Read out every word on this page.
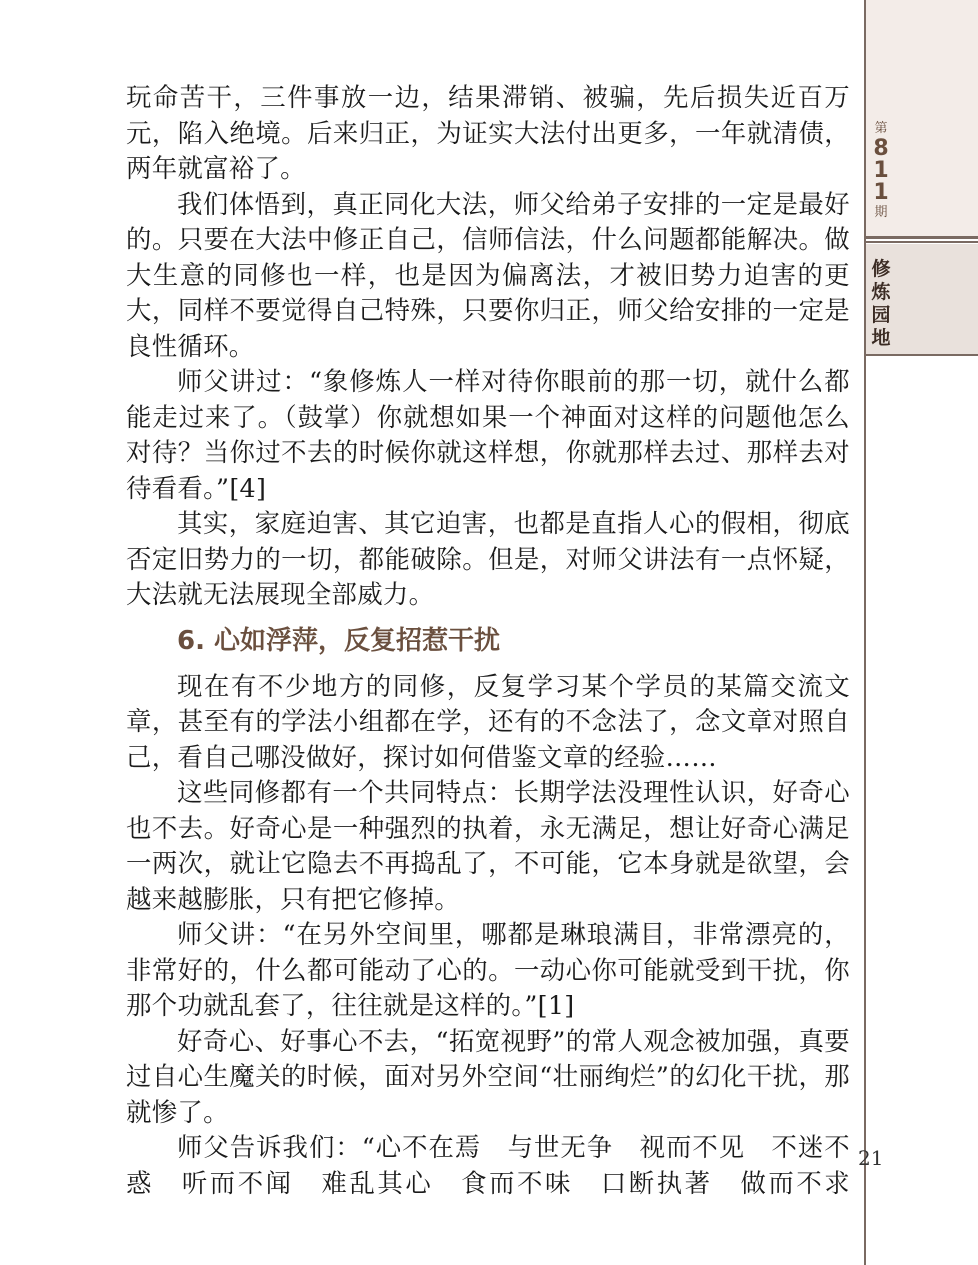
第
8
1
1
期
修
炼
园
地

玩命苦干，三件事放一边，结果滞销、被骗，先后损失近百万元，陷入绝境。后来归正，为证实大法付出更多，一年就清债，两年就富裕了。

我们体悟到，真正同化大法，师父给弟子安排的一定是最好的。只要在大法中修正自己，信师信法，什么问题都能解决。做大生意的同修也一样，也是因为偏离法，才被旧势力迫害的更大，同样不要觉得自己特殊，只要你归正，师父给安排的一定是良性循环。

师父讲过：“象修炼人一样对待你眼前的那一切，就什么都能走过来了。（鼓掌）你就想如果一个神面对这样的问题他怎么对待？当你过不去的时候你就这样想，你就那样去过、那样去对待看看。”[4]

其实，家庭迫害、其它迫害，也都是直指人心的假相，彻底否定旧势力的一切，都能破除。但是，对师父讲法有一点怀疑，大法就无法展现全部威力。

6. 心如浮萍，反复招惹干扰

现在有不少地方的同修，反复学习某个学员的某篇交流文章，甚至有的学法小组都在学，还有的不念法了，念文章对照自己，看自己哪没做好，探讨如何借鉴文章的经验……

这些同修都有一个共同特点：长期学法没理性认识，好奇心也不去。好奇心是一种强烈的执着，永无满足，想让好奇心满足一两次，就让它隐去不再捣乱了，不可能，它本身就是欲望，会越来越膨胀，只有把它修掉。

师父讲：“在另外空间里，哪都是琳琅满目，非常漂亮的，非常好的，什么都可能动了心的。一动心你可能就受到干扰，你那个功就乱套了，往往就是这样的。”[1]

好奇心、好事心不去，“拓宽视野”的常人观念被加强，真要过自心生魔关的时候，面对另外空间“壮丽绚烂”的幻化干扰，那就惨了。

师父告诉我们：“心不在焉　与世无争　视而不见　不迷不惑　听而不闻　难乱其心　食而不味　口断执著　做而不求

21
